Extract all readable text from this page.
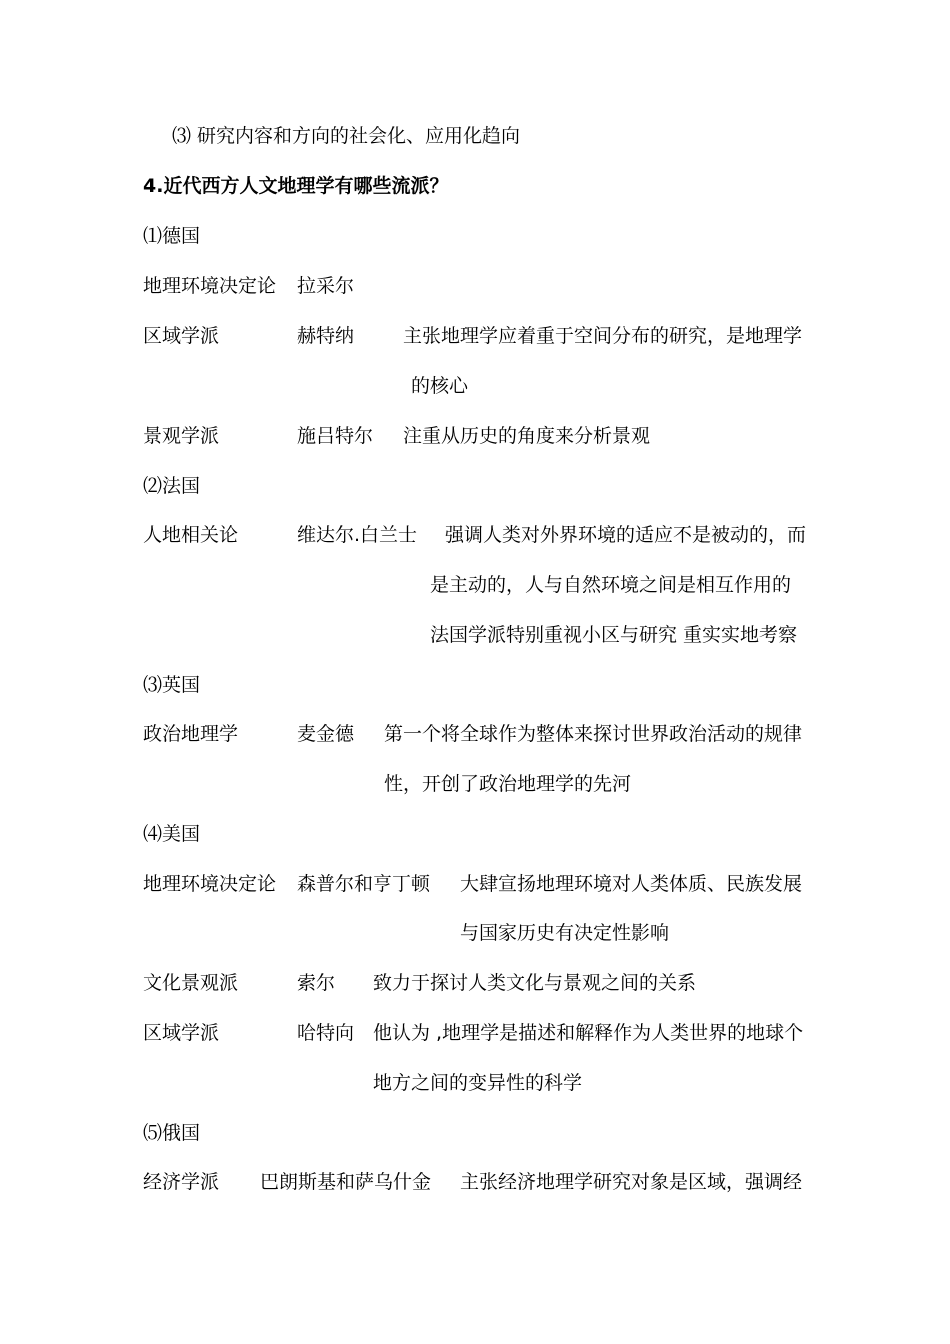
⑶ 研究内容和方向的社会化、应用化趋向
4.近代西方人文地理学有哪些流派？
⑴德国
地理环境决定论 拉采尔
区域学派	赫特纳	主张地理学应着重于空间分布的研究，是地理学
的核心
景观学派	施吕特尔 注重从历史的角度来分析景观
⑵法国
人地相关论	维达尔.白兰士 强调人类对外界环境的适应不是被动的，而
是主动的，人与自然环境之间是相互作用的
法国学派特别重视小区与研究 重实实地考察
⑶英国
政治地理学	麦金德 第一个将全球作为整体来探讨世界政治活动的规律
性，开创了政治地理学的先河
⑷美国
地理环境决定论 森普尔和亨丁顿 大肆宣扬地理环境对人类体质、民族发展
与国家历史有决定性影响
文化景观派	索尔 致力于探讨人类文化与景观之间的关系
区域学派	哈特向 他认为 ,地理学是描述和解释作为人类世界的地球个
地方之间的变异性的科学
⑸俄国
经济学派 巴朗斯基和萨乌什金 主张经济地理学研究对象是区域，强调经
